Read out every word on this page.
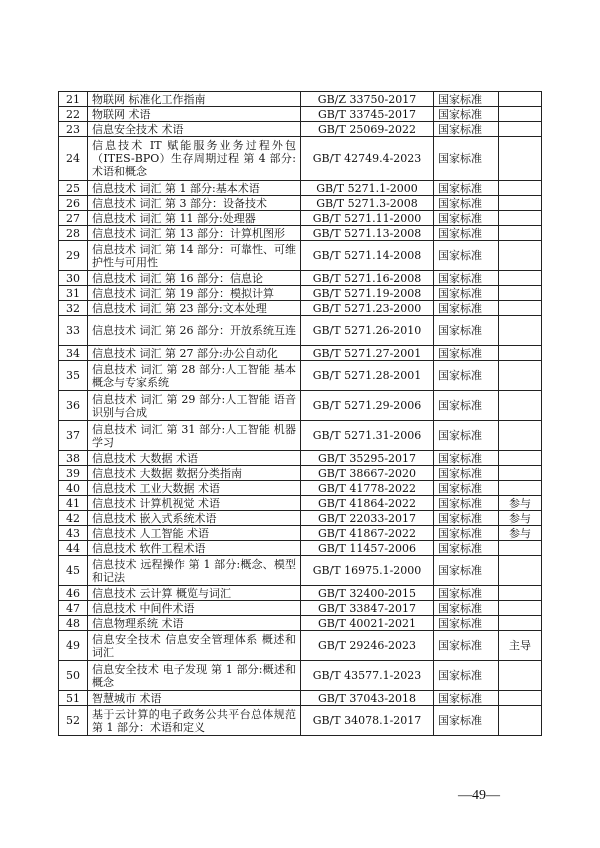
21	物联网 标准化工作指南	GB/Z 33750-2017	国家标准	
22	物联网 术语	GB/T 33745-2017	国家标准	
23	信息安全技术 术语	GB/T 25069-2022	国家标准	
24	信息技术 IT 赋能服务业务过程外包（ITES-BPO）生存周期过程 第 4 部分:术语和概念	GB/T 42749.4-2023	国家标准	
25	信息技术 词汇 第 1 部分:基本术语	GB/T 5271.1-2000	国家标准	
26	信息技术 词汇 第 3 部分：设备技术	GB/T 5271.3-2008	国家标准	
27	信息技术 词汇 第 11 部分:处理器	GB/T 5271.11-2000	国家标准	
28	信息技术 词汇 第 13 部分：计算机图形	GB/T 5271.13-2008	国家标准	
29	信息技术 词汇 第 14 部分：可靠性、可维护性与可用性	GB/T 5271.14-2008	国家标准	
30	信息技术 词汇 第 16 部分：信息论	GB/T 5271.16-2008	国家标准	
31	信息技术 词汇 第 19 部分：模拟计算	GB/T 5271.19-2008	国家标准	
32	信息技术 词汇 第 23 部分:文本处理	GB/T 5271.23-2000	国家标准	
33	信息技术 词汇 第 26 部分：开放系统互连	GB/T 5271.26-2010	国家标准	
34	信息技术 词汇 第 27 部分:办公自动化	GB/T 5271.27-2001	国家标准	
35	信息技术 词汇 第 28 部分:人工智能 基本概念与专家系统	GB/T 5271.28-2001	国家标准	
36	信息技术 词汇 第 29 部分:人工智能 语音识别与合成	GB/T 5271.29-2006	国家标准	
37	信息技术 词汇 第 31 部分:人工智能 机器学习	GB/T 5271.31-2006	国家标准	
38	信息技术 大数据 术语	GB/T 35295-2017	国家标准	
39	信息技术 大数据 数据分类指南	GB/T 38667-2020	国家标准	
40	信息技术 工业大数据 术语	GB/T 41778-2022	国家标准	
41	信息技术 计算机视觉 术语	GB/T 41864-2022	国家标准	参与
42	信息技术 嵌入式系统术语	GB/T 22033-2017	国家标准	参与
43	信息技术 人工智能 术语	GB/T 41867-2022	国家标准	参与
44	信息技术 软件工程术语	GB/T 11457-2006	国家标准	
45	信息技术 远程操作 第 1 部分:概念、模型和记法	GB/T 16975.1-2000	国家标准	
46	信息技术 云计算 概览与词汇	GB/T 32400-2015	国家标准	
47	信息技术 中间件术语	GB/T 33847-2017	国家标准	
48	信息物理系统 术语	GB/T 40021-2021	国家标准	
49	信息安全技术 信息安全管理体系 概述和词汇	GB/T 29246-2023	国家标准	主导
50	信息安全技术 电子发现 第 1 部分:概述和概念	GB/T 43577.1-2023	国家标准	
51	智慧城市 术语	GB/T 37043-2018	国家标准	
52	基于云计算的电子政务公共平台总体规范 第 1 部分：术语和定义	GB/T 34078.1-2017	国家标准	
—49—
